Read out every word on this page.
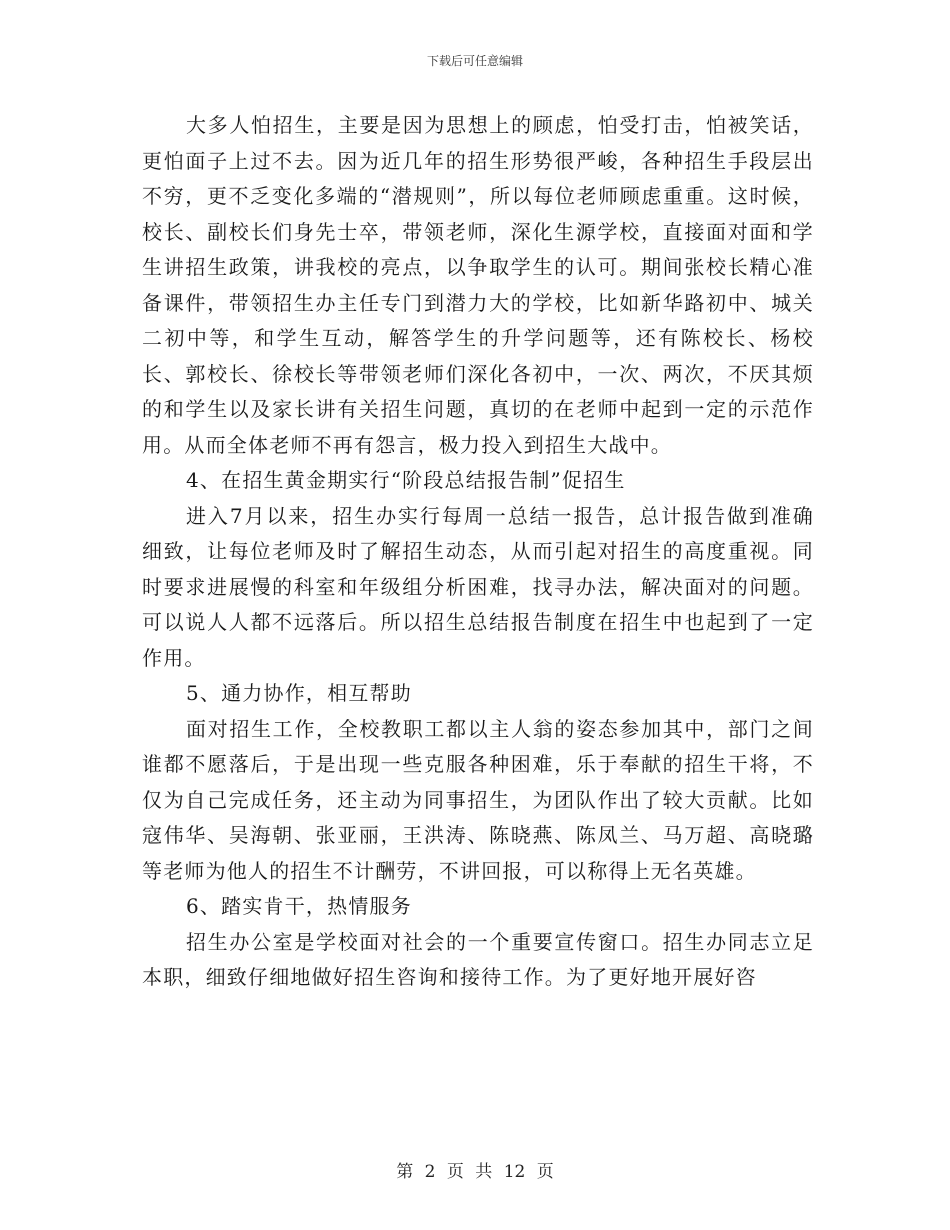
下载后可任意编辑

大多人怕招生，主要是因为思想上的顾虑，怕受打击，怕被笑话，更怕面子上过不去。因为近几年的招生形势很严峻，各种招生手段层出不穷，更不乏变化多端的“潜规则”，所以每位老师顾虑重重。这时候，校长、副校长们身先士卒，带领老师，深化生源学校，直接面对面和学生讲招生政策，讲我校的亮点，以争取学生的认可。期间张校长精心准备课件，带领招生办主任专门到潜力大的学校，比如新华路初中、城关二初中等，和学生互动，解答学生的升学问题等，还有陈校长、杨校长、郭校长、徐校长等带领老师们深化各初中，一次、两次，不厌其烦的和学生以及家长讲有关招生问题，真切的在老师中起到一定的示范作用。从而全体老师不再有怨言，极力投入到招生大战中。

4、在招生黄金期实行“阶段总结报告制”促招生

进入7月以来，招生办实行每周一总结一报告，总计报告做到准确细致，让每位老师及时了解招生动态，从而引起对招生的高度重视。同时要求进展慢的科室和年级组分析困难，找寻办法，解决面对的问题。可以说人人都不远落后。所以招生总结报告制度在招生中也起到了一定作用。

5、通力协作，相互帮助

面对招生工作，全校教职工都以主人翁的姿态参加其中，部门之间谁都不愿落后，于是出现一些克服各种困难，乐于奉献的招生干将，不仅为自己完成任务，还主动为同事招生，为团队作出了较大贡献。比如寇伟华、吴海朝、张亚丽，王洪涛、陈晓燕、陈凤兰、马万超、高晓璐等老师为他人的招生不计酬劳，不讲回报，可以称得上无名英雄。

6、踏实肯干，热情服务

招生办公室是学校面对社会的一个重要宣传窗口。招生办同志立足本职，细致仔细地做好招生咨询和接待工作。为了更好地开展好咨

第 2 页 共 12 页
